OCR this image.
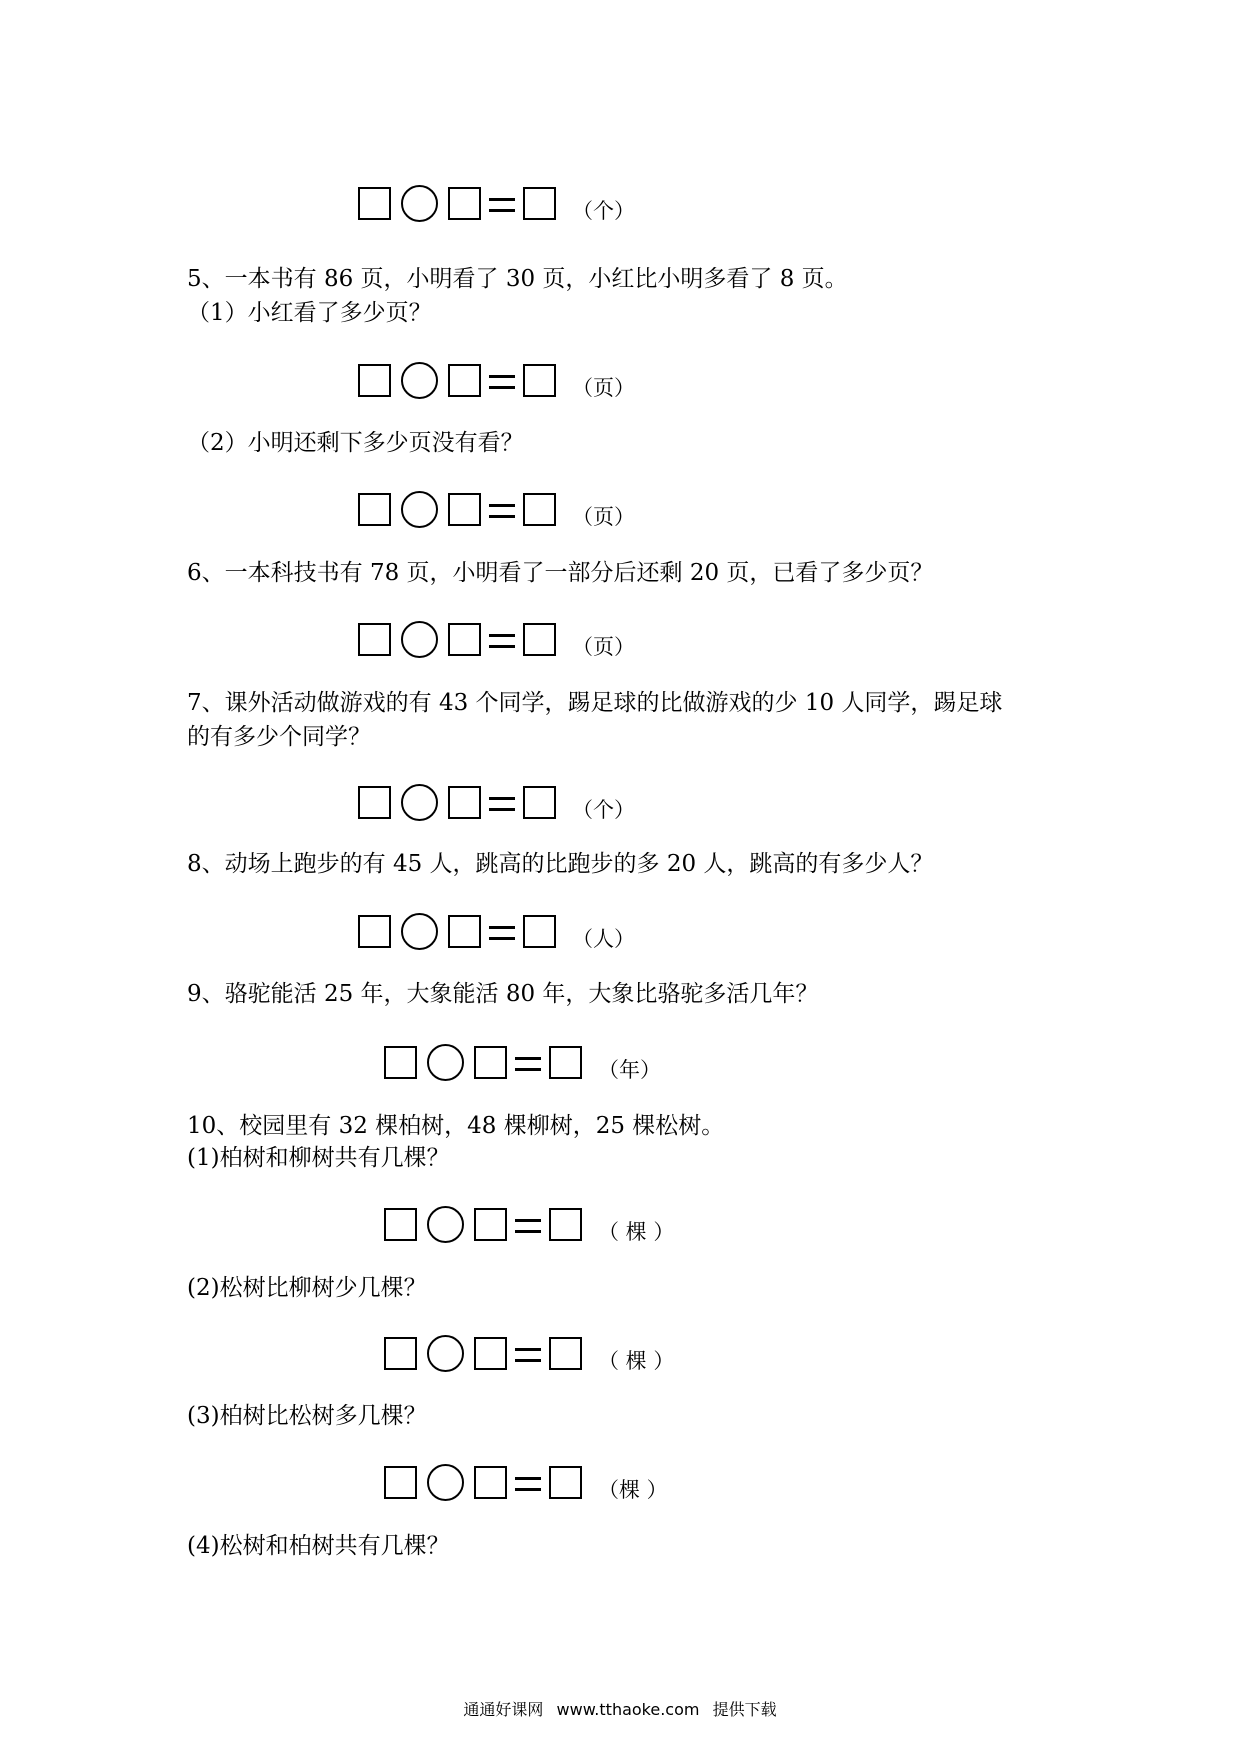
（个）
5、一本书有 86 页，小明看了 30 页，小红比小明多看了 8 页。
（1）小红看了多少页？
（页）
（2）小明还剩下多少页没有看？
（页）
6、一本科技书有 78 页，小明看了一部分后还剩 20 页，已看了多少页？
（页）
7、课外活动做游戏的有 43 个同学，踢足球的比做游戏的少 10 人同学，踢足球
的有多少个同学？
（个）
8、动场上跑步的有 45 人，跳高的比跑步的多 20 人，跳高的有多少人？
（人）
9、骆驼能活 25 年，大象能活 80 年，大象比骆驼多活几年？
（年）
10、校园里有 32 棵柏树，48 棵柳树，25 棵松树。
(1)柏树和柳树共有几棵？
（ 棵 ）
(2)松树比柳树少几棵？
（ 棵 ）
(3)柏树比松树多几棵？
（棵 ）
(4)松树和柏树共有几棵？
通通好课网 www.tthaoke.com 提供下载
